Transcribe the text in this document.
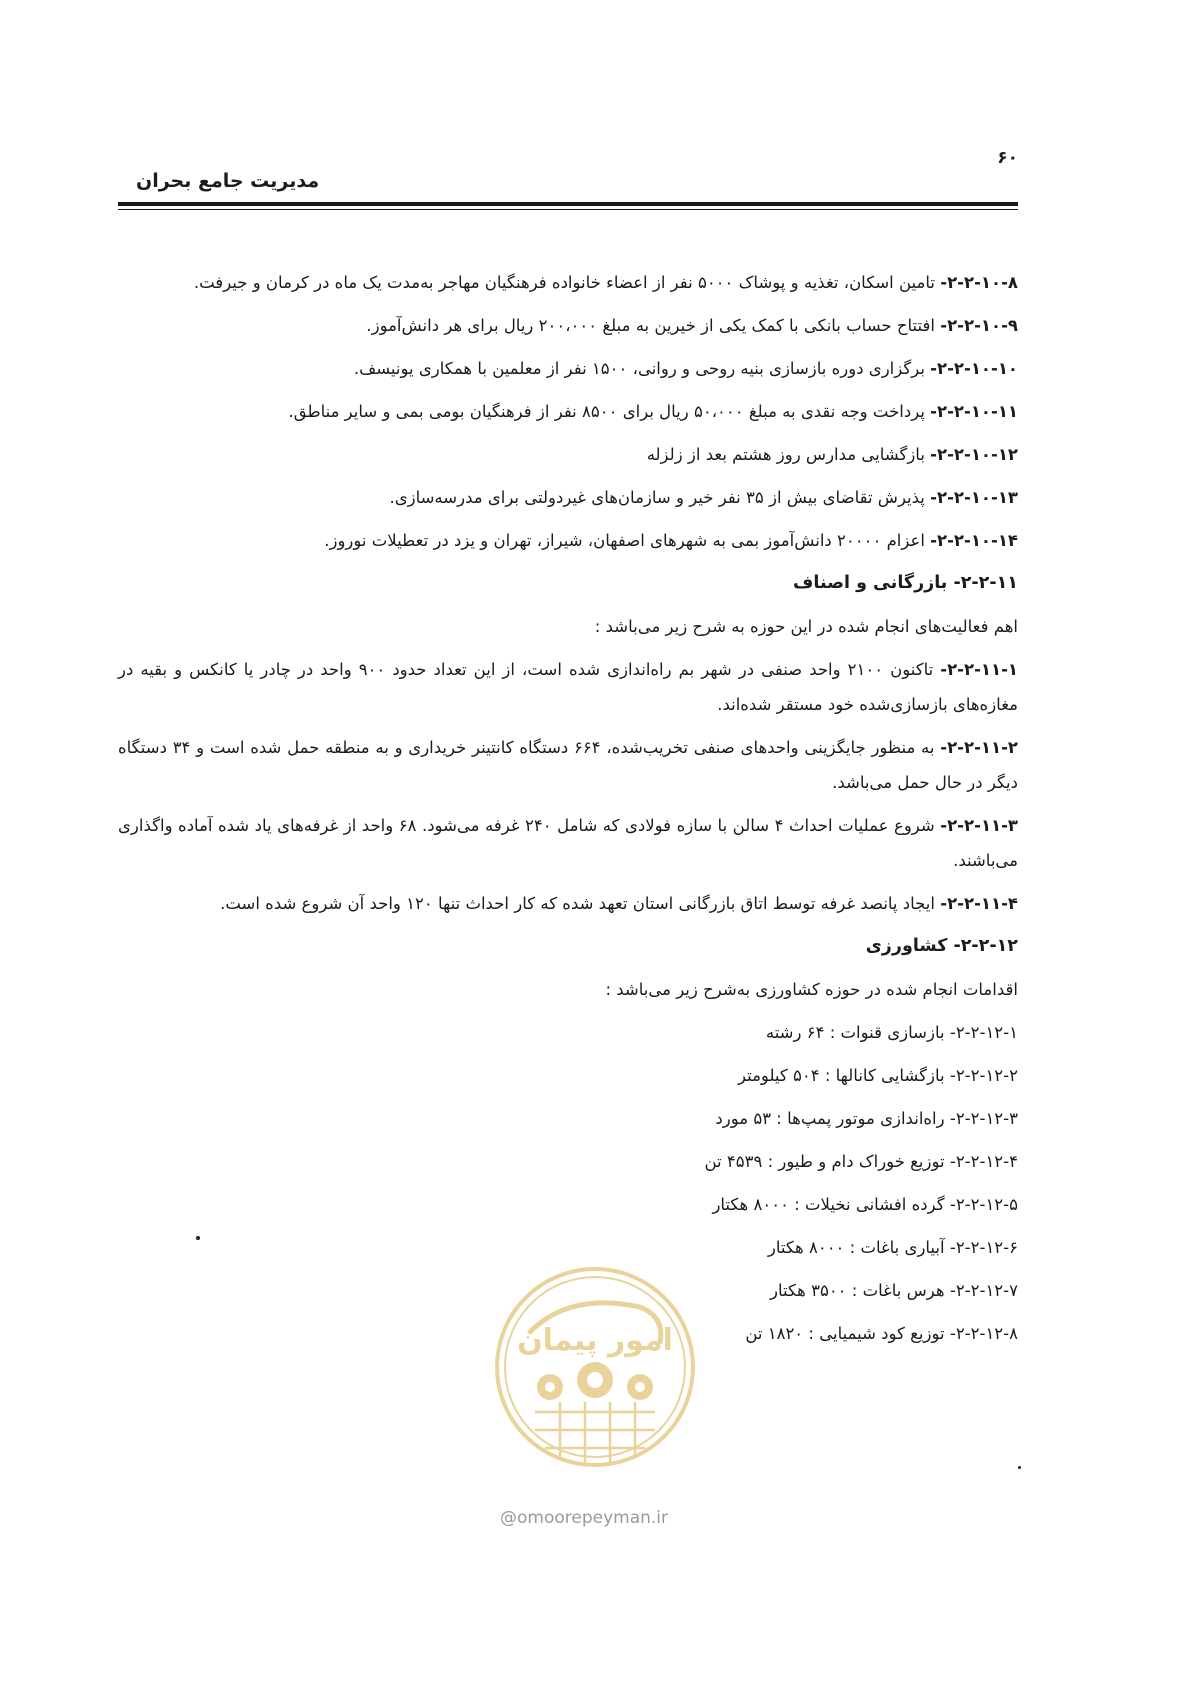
۶۰
مدیریت جامع بحران
۲-۲-۱۰-۸- تامین اسکان، تغذیه و پوشاک ۵۰۰۰ نفر از اعضاء خانواده فرهنگیان مهاجر به‌مدت یک ماه در کرمان و جیرفت.
۲-۲-۱۰-۹- افتتاح حساب بانکی با کمک یکی از خیرین به مبلغ ۲۰۰،۰۰۰ ریال برای هر دانش‌آموز.
۲-۲-۱۰-۱۰- برگزاری دوره بازسازی بنیه روحی و روانی، ۱۵۰۰ نفر از معلمین با همکاری یونیسف.
۲-۲-۱۰-۱۱- پرداخت وجه نقدی به مبلغ ۵۰،۰۰۰ ریال برای ۸۵۰۰ نفر از فرهنگیان بومی بمی و سایر مناطق.
۲-۲-۱۰-۱۲- بازگشایی مدارس روز هشتم بعد از زلزله
۲-۲-۱۰-۱۳- پذیرش تقاضای بیش از ۳۵ نفر خیر و سازمان‌های غیردولتی برای مدرسه‌سازی.
۲-۲-۱۰-۱۴- اعزام ۲۰۰۰۰ دانش‌آموز بمی به شهرهای اصفهان، شیراز، تهران و یزد در تعطیلات نوروز.
۲-۲-۱۱- بازرگانی و اصناف
اهم فعالیت‌های انجام شده در این حوزه به شرح زیر می‌باشد :
۲-۲-۱۱-۱- تاکنون ۲۱۰۰ واحد صنفی در شهر بم راه‌اندازی شده است، از این تعداد حدود ۹۰۰ واحد در چادر یا کانکس و بقیه در مغازه‌های بازسازی‌شده خود مستقر شده‌اند.
۲-۲-۱۱-۲- به منظور جایگزینی واحدهای صنفی تخریب‌شده، ۶۶۴ دستگاه کانتینر خریداری و به منطقه حمل شده است و ۳۴ دستگاه دیگر در حال حمل می‌باشد.
۲-۲-۱۱-۳- شروع عملیات احداث ۴ سالن با سازه فولادی که شامل ۲۴۰ غرفه می‌شود. ۶۸ واحد از غرفه‌های یاد شده آماده واگذاری می‌باشند.
۲-۲-۱۱-۴- ایجاد پانصد غرفه توسط اتاق بازرگانی استان تعهد شده که کار احداث تنها ۱۲۰ واحد آن شروع شده است.
۲-۲-۱۲- کشاورزی
اقدامات انجام شده در حوزه کشاورزی به‌شرح زیر می‌باشد :
۲-۲-۱۲-۱- بازسازی قنوات : ۶۴ رشته
۲-۲-۱۲-۲- بازگشایی کانالها : ۵۰۴ کیلومتر
۲-۲-۱۲-۳- راه‌اندازی موتور پمپ‌ها : ۵۳ مورد
۲-۲-۱۲-۴- توزیع خوراک دام و طیور : ۴۵۳۹ تن
۲-۲-۱۲-۵- گرده افشانی نخیلات : ۸۰۰۰ هکتار
۲-۲-۱۲-۶- آبیاری باغات : ۸۰۰۰ هکتار
۲-۲-۱۲-۷- هرس باغات : ۳۵۰۰ هکتار
۲-۲-۱۲-۸- توزیع کود شیمیایی : ۱۸۲۰ تن
امور پیمان
@omoorepeyman.ir
